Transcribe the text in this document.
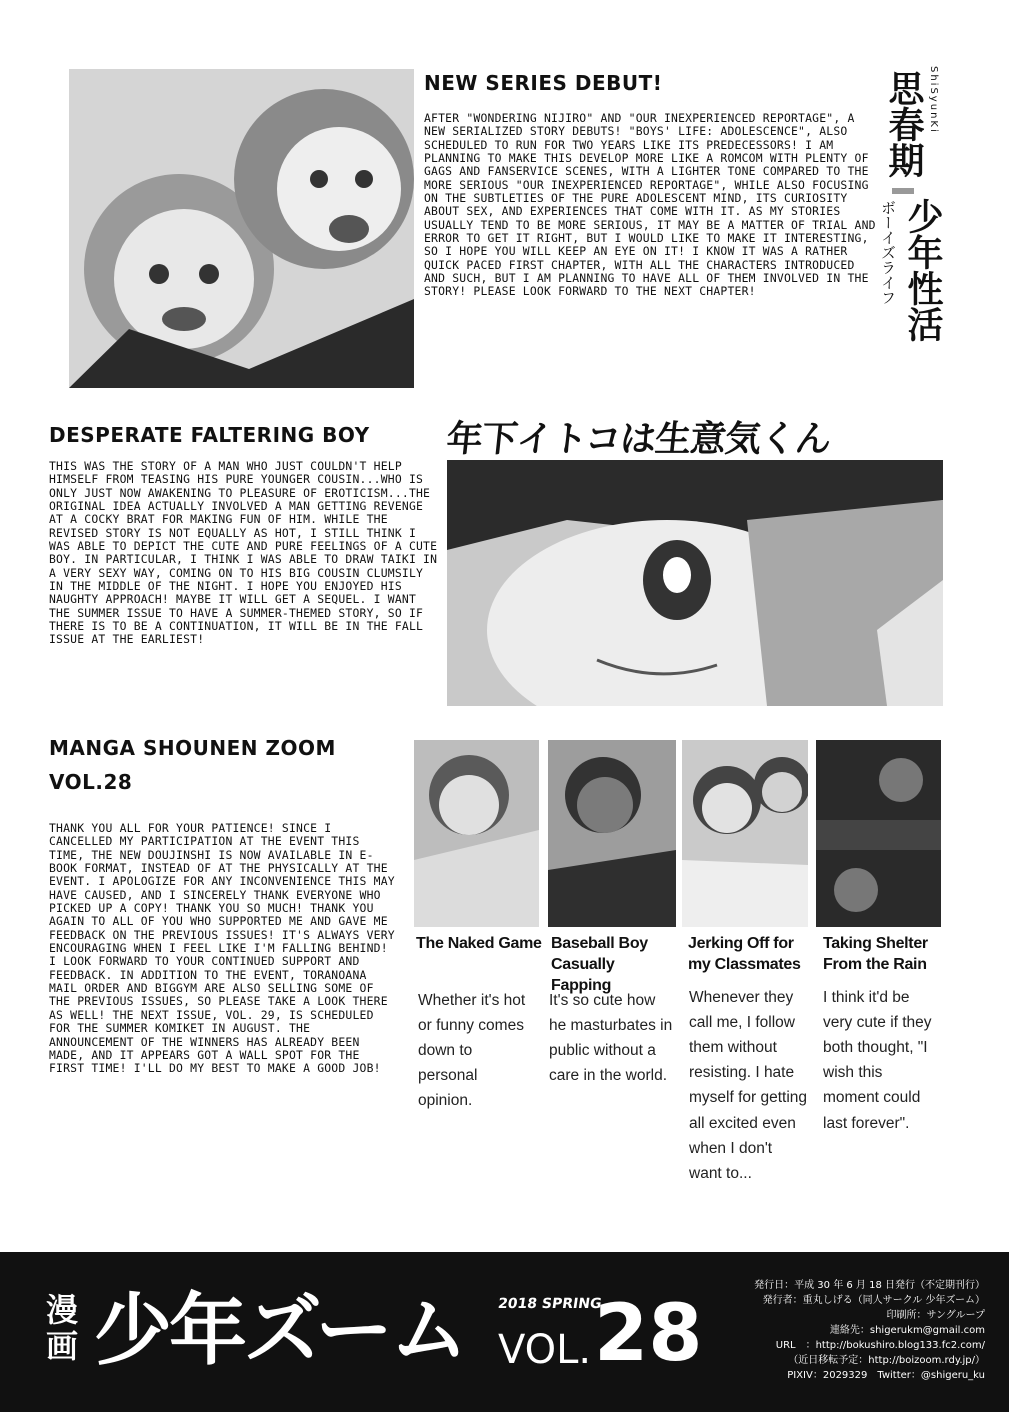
NEW SERIES DEBUT!
AFTER "WONDERING NIJIRO" AND "OUR INEXPERIENCED REPORTAGE", A NEW SERIALIZED STORY DEBUTS! "BOYS' LIFE: ADOLESCENCE", ALSO SCHEDULED TO RUN FOR TWO YEARS LIKE ITS PREDECESSORS! I AM PLANNING TO MAKE THIS DEVELOP MORE LIKE A ROMCOM WITH PLENTY OF GAGS AND FANSERVICE SCENES, WITH A LIGHTER TONE COMPARED TO THE MORE SERIOUS "OUR INEXPERIENCED REPORTAGE", WHILE ALSO FOCUSING ON THE SUBTLETIES OF THE PURE ADOLESCENT MIND, ITS CURIOSITY ABOUT SEX, AND EXPERIENCES THAT COME WITH IT. AS MY STORIES USUALLY TEND TO BE MORE SERIOUS, IT MAY BE A MATTER OF TRIAL AND ERROR TO GET IT RIGHT, BUT I WOULD LIKE TO MAKE IT INTERESTING, SO I HOPE YOU WILL KEEP AN EYE ON IT! I KNOW IT WAS A RATHER QUICK PACED FIRST CHAPTER, WITH ALL THE CHARACTERS INTRODUCED AND SUCH, BUT I AM PLANNING TO HAVE ALL OF THEM INVOLVED IN THE STORY! PLEASE LOOK FORWARD TO THE NEXT CHAPTER!
ShiSyunKi
思春期
少年性活
ボーイズライフ
DESPERATE FALTERING BOY
THIS WAS THE STORY OF A MAN WHO JUST COULDN'T HELP HIMSELF FROM TEASING HIS PURE YOUNGER COUSIN...WHO IS ONLY JUST NOW AWAKENING TO PLEASURE OF EROTICISM...THE ORIGINAL IDEA ACTUALLY INVOLVED A MAN GETTING REVENGE AT A COCKY BRAT FOR MAKING FUN OF HIM. WHILE THE REVISED STORY IS NOT EQUALLY AS HOT, I STILL THINK I WAS ABLE TO DEPICT THE CUTE AND PURE FEELINGS OF A CUTE BOY. IN PARTICULAR, I THINK I WAS ABLE TO DRAW TAIKI IN A VERY SEXY WAY, COMING ON TO HIS BIG COUSIN CLUMSILY IN THE MIDDLE OF THE NIGHT. I HOPE YOU ENJOYED HIS NAUGHTY APPROACH! MAYBE IT WILL GET A SEQUEL. I WANT THE SUMMER ISSUE TO HAVE A SUMMER-THEMED STORY, SO IF THERE IS TO BE A CONTINUATION, IT WILL BE IN THE FALL ISSUE AT THE EARLIEST!
年下イトコは生意気くん
MANGA SHOUNEN ZOOM
VOL.28
THANK YOU ALL FOR YOUR PATIENCE! SINCE I CANCELLED MY PARTICIPATION AT THE EVENT THIS TIME, THE NEW DOUJINSHI IS NOW AVAILABLE IN E-BOOK FORMAT, INSTEAD OF AT THE PHYSICALLY AT THE EVENT. I APOLOGIZE FOR ANY INCONVENIENCE THIS MAY HAVE CAUSED, AND I SINCERELY THANK EVERYONE WHO PICKED UP A COPY! THANK YOU SO MUCH! THANK YOU AGAIN TO ALL OF YOU WHO SUPPORTED ME AND GAVE ME FEEDBACK ON THE PREVIOUS ISSUES! IT'S ALWAYS VERY ENCOURAGING WHEN I FEEL LIKE I'M FALLING BEHIND! I LOOK FORWARD TO YOUR CONTINUED SUPPORT AND FEEDBACK. IN ADDITION TO THE EVENT, TORANOANA MAIL ORDER AND BIGGYM ARE ALSO SELLING SOME OF THE PREVIOUS ISSUES, SO PLEASE TAKE A LOOK THERE AS WELL! THE NEXT ISSUE, VOL. 29, IS SCHEDULED FOR THE SUMMER KOMIKET IN AUGUST. THE ANNOUNCEMENT OF THE WINNERS HAS ALREADY BEEN MADE, AND IT APPEARS GOT A WALL SPOT FOR THE FIRST TIME! I'LL DO MY BEST TO MAKE A GOOD JOB!
The Naked Game Baseball Boy Casually Fapping
Jerking Off for my Classmates
Taking Shelter From the Rain
Whether it's hot or funny comes down to personal opinion.
It's so cute how he masturbates in public without a care in the world.
Whenever they call me, I follow them without resisting. I hate myself for getting all excited even when I don't want to...
I think it'd be very cute if they both thought, "I wish this moment could last forever".
漫画 少年ズーム 2018 SPRING
VOL. 28
発行日：平成 30 年 6 月 18 日発行（不定期刊行）
発行者：重丸しげる（同人サークル 少年ズーム）
印刷所：サングループ
連絡先：shigerukm@gmail.com
URL　：http://bokushiro.blog133.fc2.com/
（近日移転予定：http://boizoom.rdy.jp/）
PIXIV：2029329　Twitter：@shigeru_ku
